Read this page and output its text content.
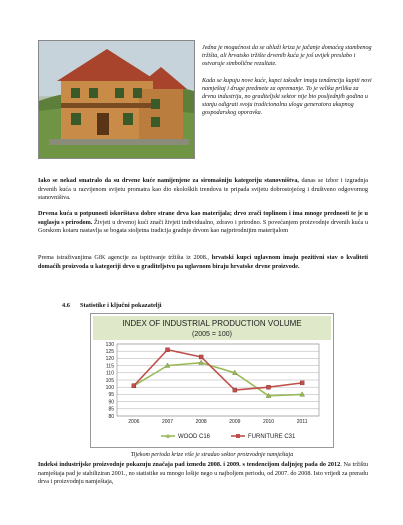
Jedna je mogućnost da se ublaži kriza je jačanje domaćeg stambenog tržišta, ali hrvatsko tržište drvenih kuća je još uvijek preslabo i ostvaruje simbolične rezultate.

Kada se kupuju nove kuće, kupci također imaju tendenciju kupiti novi namještaj i druge predmete za opremanje. To je velika prilika za drvnu industriju, no graditeljski sektor nije bio posljednjih godina u stanju odigrati svoju tradicionalnu ulogu generatora ukupnog gospodarskog oporavka.

Iako se nekad smatralo da su drvene kuće namijenjene za siromašniju kategoriju stanovništva, danas se izbor i izgradnja drvenih kuća u razvijenom svijetu promatra kao dio ekoloških trendova te pripada svijetu dobrostojećeg i društveno odgovornog stanovništva.
Drvena kuća u potpunosti iskorištava dobre strane drva kao materijala; drvo zrači toplinom i ima mnoge prednosti te je u suglasju s prirodom. Živjeti u drvenoj kući znači živjeti individualno, zdravo i prirodno. S povećanjem proizvodnje drvenih kuća u Gorskom kotaru nastavlja se bogata stoljetna tradicija gradnje drvom kao najprirodnijim materijalom
Prema istraživanjima GfK agencije za ispitivanje tržišta iz 2008., hrvatski kupci uglavnom imaju pozitivni stav o kvaliteti domaćih proizvoda u kategoriji drvo u graditeljstvu pa uglavnom biraju hrvatske drvne proizvode.
4.6 Statistike i ključni pokazatelji
INDEX OF INDUSTRIAL PRODUCTION VOLUME
(2005 = 100)
80
85
90
95
100
105
110
115
120
125
130
2006	2007	2008	2009	2010	2011
WOOD C16	FURNITURE C31
Tijekom perioda krize više je stradao sektor proizvodnje namještaja
Indeksi industrijske proizvodnje pokazuju značaja pad između 2008. i 2009. s tendencijom daljnjeg pada do 2012. Na tržištu namještaja pad je stabiliziran 2001., no statistike su mnogo lošije nego u najboljem periodu, od 2007. do 2008. Isto vrijedi za preradu drva i proizvodnju namještaja,
